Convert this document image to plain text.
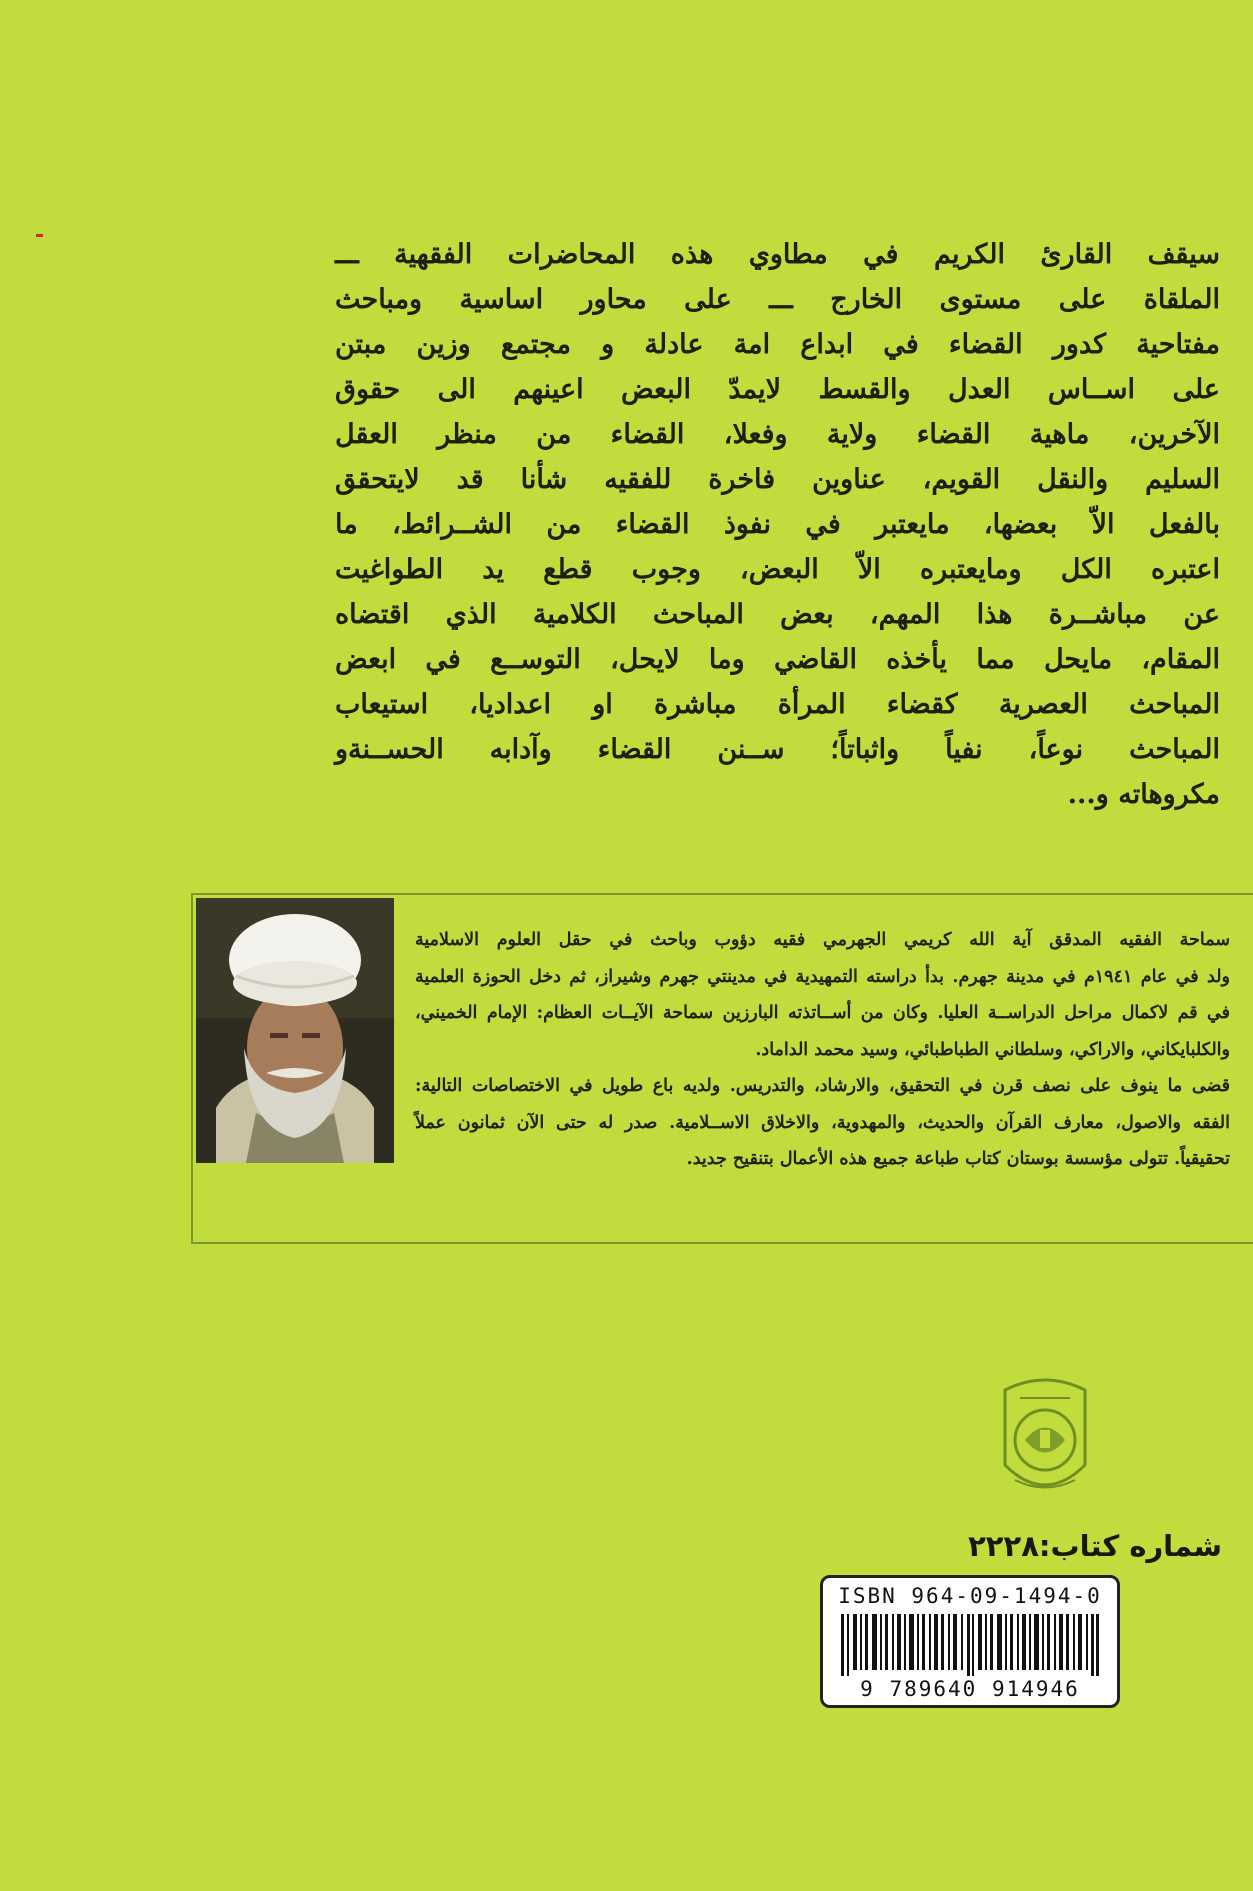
سيقف القارئ الكريم في مطاوي هذه المحاضرات الفقهية ـــ
الملقاة على مستوى الخارج ـــ على محاور اساسية ومباحث
مفتاحية كدور القضاء في ابداع امة عادلة و مجتمع وزين مبتن
على اســاس العدل والقسط لايمدّ البعض اعينهم الى حقوق
الآخرين، ماهية القضاء ولاية وفعلا، القضاء من منظر العقل
السليم والنقل القويم، عناوين فاخرة للفقيه شأنا قد لايتحقق
بالفعل الاّ بعضها، مايعتبر في نفوذ القضاء من الشــرائط، ما
اعتبره الكل ومايعتبره الاّ البعض، وجوب قطع يد الطواغيت
عن مباشــرة هذا المهم، بعض المباحث الكلامية الذي اقتضاه
المقام، مايحل مما يأخذه القاضي وما لايحل، التوســع في ابعض
المباحث العصرية كقضاء المرأة مباشرة او اعداديا، استيعاب
المباحث نوعاً، نفياً واثباتاً؛ ســنن القضاء وآدابه الحســنةو
مكروهاته و...
سماحة الفقيه المدقق آية الله كريمي الجهرمي فقيه دؤوب وباحث في حقل العلوم الاسلامية
ولد في عام ١٩٤١م في مدينة جهرم. بدأ دراسته التمهيدية في مدينتي جهرم وشيراز، ثم دخل الحوزة العلمية
في قم لاكمال مراحل الدراســة العليا. وكان من أســاتذته البارزين سماحة الآيــات العظام: الإمام الخميني،
والكلبايكاني، والاراكي، وسلطاني الطباطبائي، وسيد محمد الداماد.
قضى ما ينوف على نصف قرن في التحقيق، والارشاد، والتدريس. ولديه باع طويل في الاختصاصات التالية:
الفقه والاصول، معارف القرآن والحديث، والمهدوية، والاخلاق الاســلامية. صدر له حتى الآن ثمانون عملاً
تحقيقياً. تتولى مؤسسة بوستان كتاب طباعة جميع هذه الأعمال بتنقيح جديد.
شماره كتاب:۲۲۲۸
ISBN 964-09-1494-0
9 789640 914946
